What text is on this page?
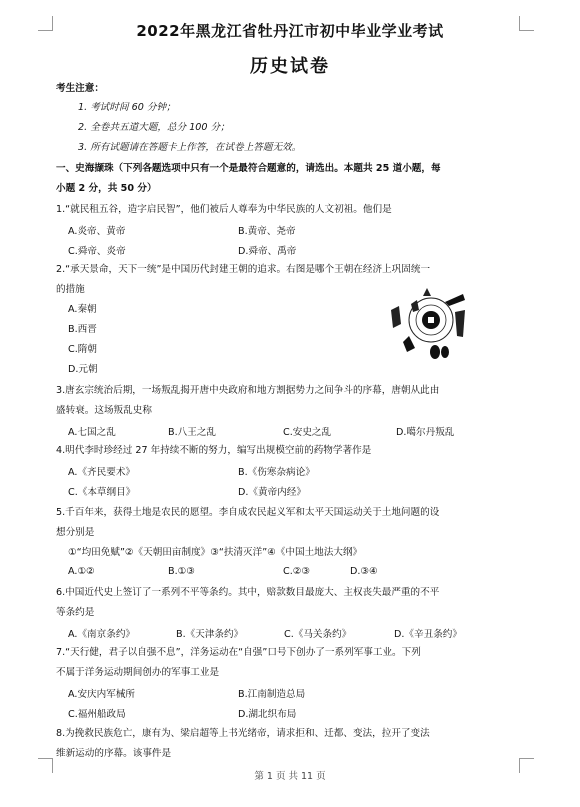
2022年黑龙江省牡丹江市初中毕业学业考试
历史试卷
考生注意：
1. 考试时间 60 分钟；
2. 全卷共五道大题，总分 100 分；
3. 所有试题请在答题卡上作答，在试卷上答题无效。
一、史海撷珠（下列各题选项中只有一个是最符合题意的，请选出。本题共 25 道小题，每
小题 2 分，共 50 分）
1.“就民租五谷，造字启民智”，他们被后人尊奉为中华民族的人文初祖。他们是
A.炎帝、黄帝	B.黄帝、尧帝
C.舜帝、炎帝	D.舜帝、禹帝
2.“承天景命，天下一统”是中国历代封建王朝的追求。右图是哪个王朝在经济上巩固统一
的措施
A.秦朝
B.西晋
C.隋朝
D.元朝
3.唐玄宗统治后期，一场叛乱揭开唐中央政府和地方割据势力之间争斗的序幕，唐朝从此由
盛转衰。这场叛乱史称
A.七国之乱	B.八王之乱	C.安史之乱	D.噶尔丹叛乱
4.明代李时珍经过 27 年持续不断的努力，编写出规模空前的药物学著作是
A.《齐民要术》	B.《伤寒杂病论》
C.《本草纲目》	D.《黄帝内经》
5.千百年来，获得土地是农民的愿望。李自成农民起义军和太平天国运动关于土地问题的设
想分别是
①“均田免赋”②《天朝田亩制度》③“扶清灭洋”④《中国土地法大纲》
A.①②	B.①③	C.②③	D.③④
6.中国近代史上签订了一系列不平等条约。其中，赔款数目最庞大、主权丧失最严重的不平
等条约是
A.《南京条约》	B.《天津条约》	C.《马关条约》	D.《辛丑条约》
7.“天行健，君子以自强不息”，洋务运动在“自强”口号下创办了一系列军事工业。下列
不属于洋务运动期间创办的军事工业是
A.安庆内军械所	B.江南制造总局
C.福州船政局	D.湖北织布局
8.为挽救民族危亡，康有为、梁启超等上书光绪帝，请求拒和、迁都、变法，拉开了变法
维新运动的序幕。该事件是
第 1 页 共 11 页
